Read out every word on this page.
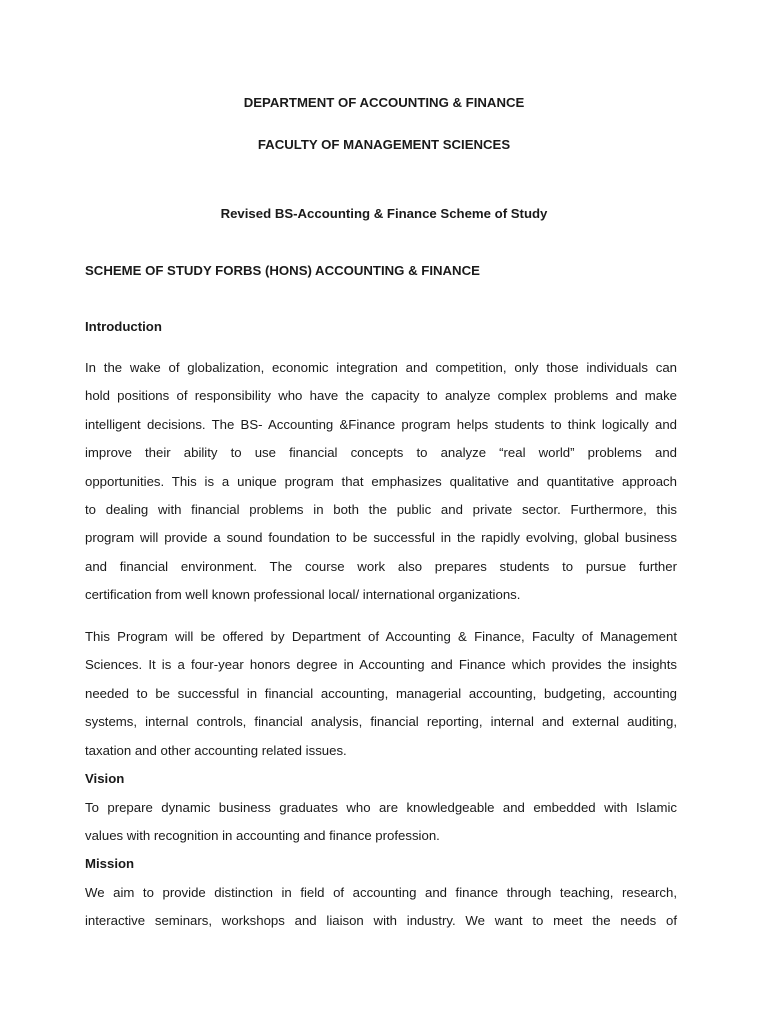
DEPARTMENT OF ACCOUNTING & FINANCE
FACULTY OF MANAGEMENT SCIENCES
Revised BS-Accounting & Finance Scheme of Study
SCHEME OF STUDY FORBS (HONS) ACCOUNTING & FINANCE
Introduction
In the wake of globalization, economic integration and competition, only those individuals can
hold positions of responsibility who have the capacity to analyze complex problems and make
intelligent decisions. The BS- Accounting &Finance program helps students to think logically and
improve their ability to use financial concepts to analyze “real world” problems and
opportunities. This is a unique program that emphasizes qualitative and quantitative approach
to dealing with financial problems in both the public and private sector. Furthermore, this
program will provide a sound foundation to be successful in the rapidly evolving, global business
and financial environment. The course work also prepares students to pursue further
certification from well known professional local/ international organizations.
This Program will be offered by Department of Accounting & Finance, Faculty of Management
Sciences. It is a four-year honors degree in Accounting and Finance which provides the insights
needed to be successful in financial accounting, managerial accounting, budgeting, accounting
systems, internal controls, financial analysis, financial reporting, internal and external auditing,
taxation and other accounting related issues.
Vision
To prepare dynamic business graduates who are knowledgeable and embedded with Islamic
values with recognition in accounting and finance profession.
Mission
We aim to provide distinction in field of accounting and finance through teaching, research,
interactive seminars, workshops and liaison with industry. We want to meet the needs of
